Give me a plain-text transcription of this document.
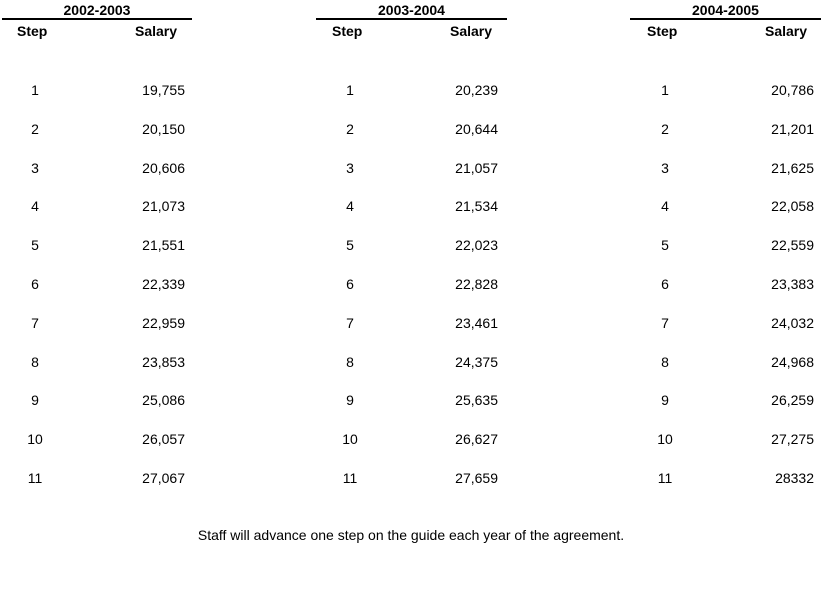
2002-2003
Step	Salary
1	19,755
2	20,150
3	20,606
4	21,073
5	21,551
6	22,339
7	22,959
8	23,853
9	25,086
10	26,057
11	27,067
2003-2004
Step	Salary
1	20,239
2	20,644
3	21,057
4	21,534
5	22,023
6	22,828
7	23,461
8	24,375
9	25,635
10	26,627
11	27,659
2004-2005
Step	Salary
1	20,786
2	21,201
3	21,625
4	22,058
5	22,559
6	23,383
7	24,032
8	24,968
9	26,259
10	27,275
11	28332
Staff will advance one step on the guide each year of the agreement.
